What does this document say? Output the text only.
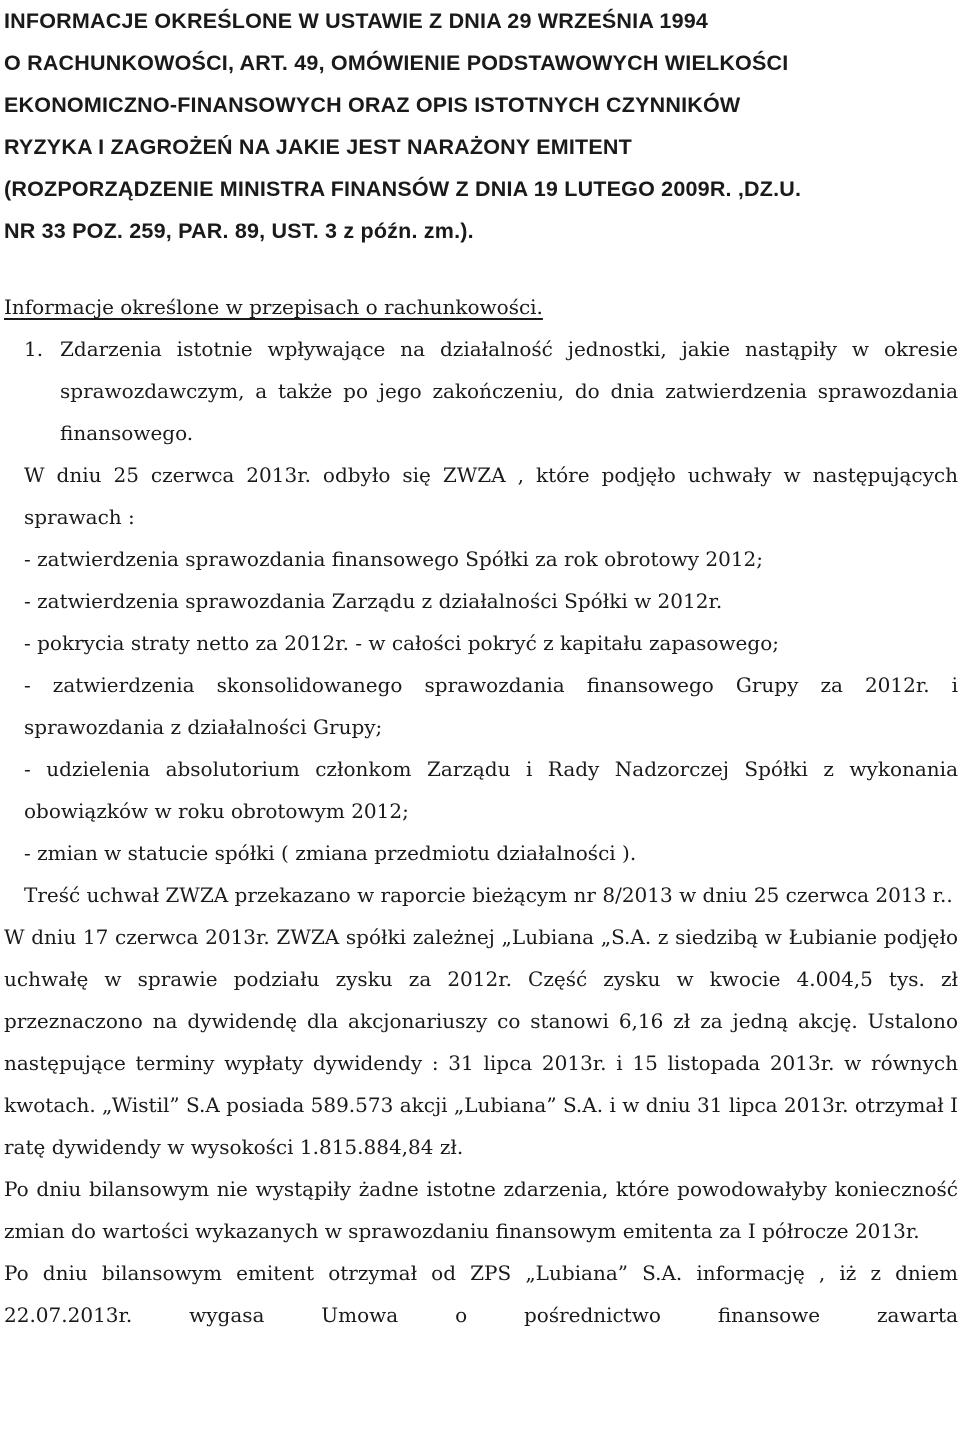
INFORMACJE OKREŚLONE W USTAWIE Z DNIA 29 WRZEŚNIA 1994
O RACHUNKOWOŚCI, ART. 49, OMÓWIENIE PODSTAWOWYCH WIELKOŚCI
EKONOMICZNO-FINANSOWYCH ORAZ OPIS ISTOTNYCH CZYNNIKÓW
RYZYKA I ZAGROŻEŃ NA JAKIE JEST NARAŻONY EMITENT
(ROZPORZĄDZENIE MINISTRA FINANSÓW Z DNIA 19 LUTEGO 2009R. ,DZ.U.
NR 33 POZ. 259, PAR. 89, UST. 3 z późn. zm.).

Informacje określone w przepisach o rachunkowości.

1. Zdarzenia istotnie wpływające na działalność jednostki, jakie nastąpiły w okresie sprawozdawczym, a także po jego zakończeniu, do dnia zatwierdzenia sprawozdania finansowego.

W dniu 25 czerwca 2013r. odbyło się ZWZA , które podjęło uchwały w następujących sprawach :

- zatwierdzenia sprawozdania finansowego Spółki za rok obrotowy 2012;

- zatwierdzenia sprawozdania Zarządu z działalności Spółki w 2012r.

- pokrycia straty netto za 2012r. - w całości pokryć z kapitału zapasowego;

- zatwierdzenia skonsolidowanego sprawozdania finansowego Grupy za 2012r. i sprawozdania z działalności Grupy;

- udzielenia absolutorium członkom Zarządu i Rady Nadzorczej Spółki z wykonania obowiązków w roku obrotowym 2012;

- zmian w statucie spółki ( zmiana przedmiotu działalności ).

Treść uchwał ZWZA przekazano w raporcie bieżącym nr 8/2013 w dniu 25 czerwca 2013 r..

W dniu 17 czerwca 2013r. ZWZA spółki zależnej „Lubiana „S.A. z siedzibą w Łubianie podjęło uchwałę w sprawie podziału zysku za 2012r. Część zysku w kwocie 4.004,5 tys. zł przeznaczono na dywidendę dla akcjonariuszy co stanowi 6,16 zł za jedną akcję. Ustalono następujące terminy wypłaty dywidendy : 31 lipca 2013r. i 15 listopada 2013r. w równych kwotach. „Wistil” S.A posiada 589.573 akcji „Lubiana” S.A. i w dniu 31 lipca 2013r. otrzymał I ratę dywidendy w wysokości 1.815.884,84 zł.

Po dniu bilansowym nie wystąpiły żadne istotne zdarzenia, które powodowałyby konieczność zmian do wartości wykazanych w sprawozdaniu finansowym emitenta za I półrocze 2013r.

Po dniu bilansowym emitent otrzymał od ZPS „Lubiana” S.A. informację , iż z dniem 22.07.2013r. wygasa Umowa o pośrednictwo finansowe zawarta
